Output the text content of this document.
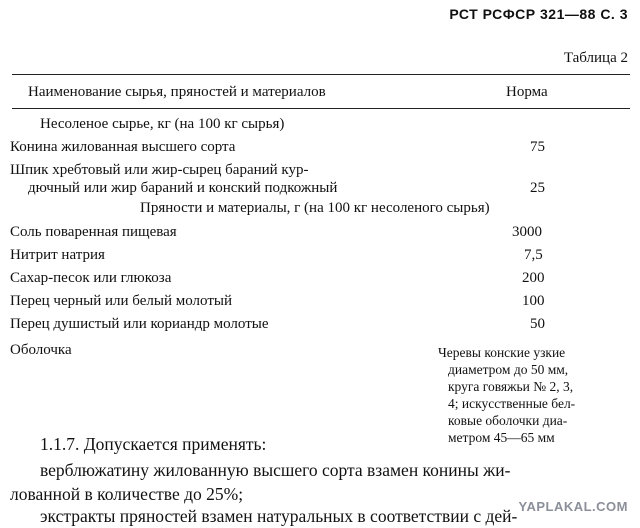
РСТ РСФСР 321—88 С. 3
Таблица 2
Наименование сырья, пряностей и материалов	Норма
Несоленое сырье, кг (на 100 кг сырья)
Конина жилованная высшего сорта	75
Шпик хребтовый или жир-сырец бараний кур-
дючный или жир бараний и конский подкожный	25
Пряности и материалы, г (на 100 кг несоленого сырья)
Соль поваренная пищевая	3000
Нитрит натрия	7,5
Сахар-песок или глюкоза	200
Перец черный или белый молотый	100
Перец душистый или кориандр молотые	50
Оболочка	Черевы конские узкие
диаметром до 50 мм,
круга говяжьи № 2, 3,
4; искусственные бел-
ковые оболочки диа-
метром 45—65 мм
1.1.7. Допускается применять:
верблюжатину жилованную высшего сорта взамен конины жи-
лованной в количестве до 25%;
экстракты пряностей взамен натуральных в соответствии с дей- YAPLAKAL.COM
